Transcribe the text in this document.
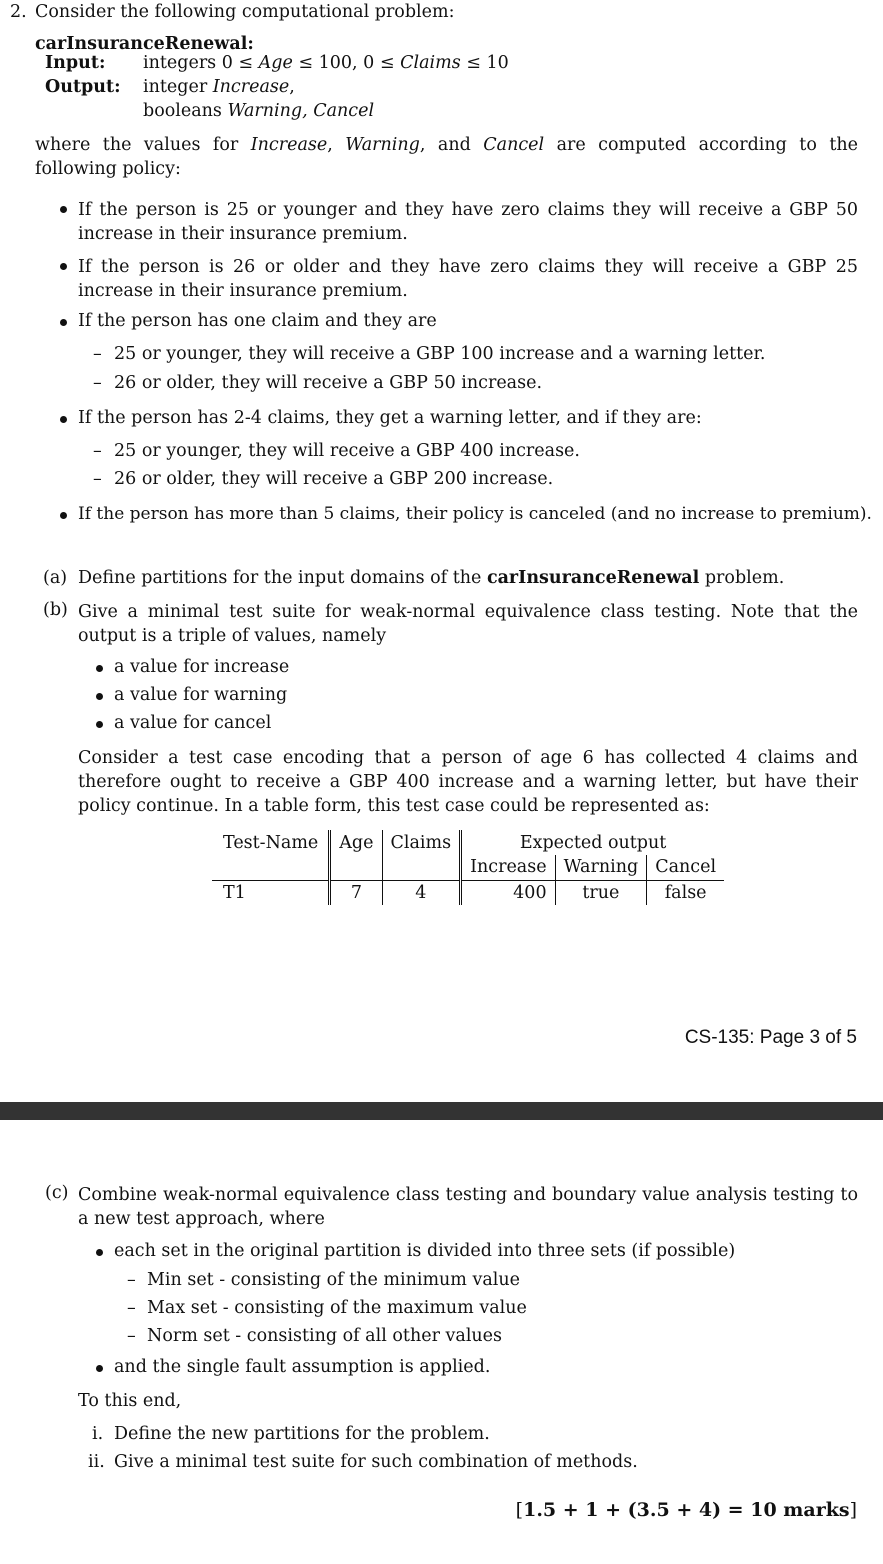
2. Consider the following computational problem:
carInsuranceRenewal:
Input: integers 0 ≤ Age ≤ 100, 0 ≤ Claims ≤ 10
Output: integer Increase,
booleans Warning, Cancel
where the values for Increase, Warning, and Cancel are computed according to the following policy:
If the person is 25 or younger and they have zero claims they will receive a GBP 50 increase in their insurance premium.
If the person is 26 or older and they have zero claims they will receive a GBP 25 increase in their insurance premium.
If the person has one claim and they are
– 25 or younger, they will receive a GBP 100 increase and a warning letter.
– 26 or older, they will receive a GBP 50 increase.
If the person has 2-4 claims, they get a warning letter, and if they are:
– 25 or younger, they will receive a GBP 400 increase.
– 26 or older, they will receive a GBP 200 increase.
If the person has more than 5 claims, their policy is canceled (and no increase to premium).
(a) Define partitions for the input domains of the carInsuranceRenewal problem.
(b) Give a minimal test suite for weak-normal equivalence class testing. Note that the output is a triple of values, namely
a value for increase
a value for warning
a value for cancel
Consider a test case encoding that a person of age 6 has collected 4 claims and therefore ought to receive a GBP 400 increase and a warning letter, but have their policy continue. In a table form, this test case could be represented as:
Test-Name	Age	Claims	Expected output		
			Increase	Warning	Cancel
T1	7	4	400	true	false
CS-135: Page 3 of 5
(c) Combine weak-normal equivalence class testing and boundary value analysis testing to a new test approach, where
each set in the original partition is divided into three sets (if possible)
– Min set - consisting of the minimum value
– Max set - consisting of the maximum value
– Norm set - consisting of all other values
and the single fault assumption is applied.
To this end,
i. Define the new partitions for the problem.
ii. Give a minimal test suite for such combination of methods.
[1.5 + 1 + (3.5 + 4) = 10 marks]
